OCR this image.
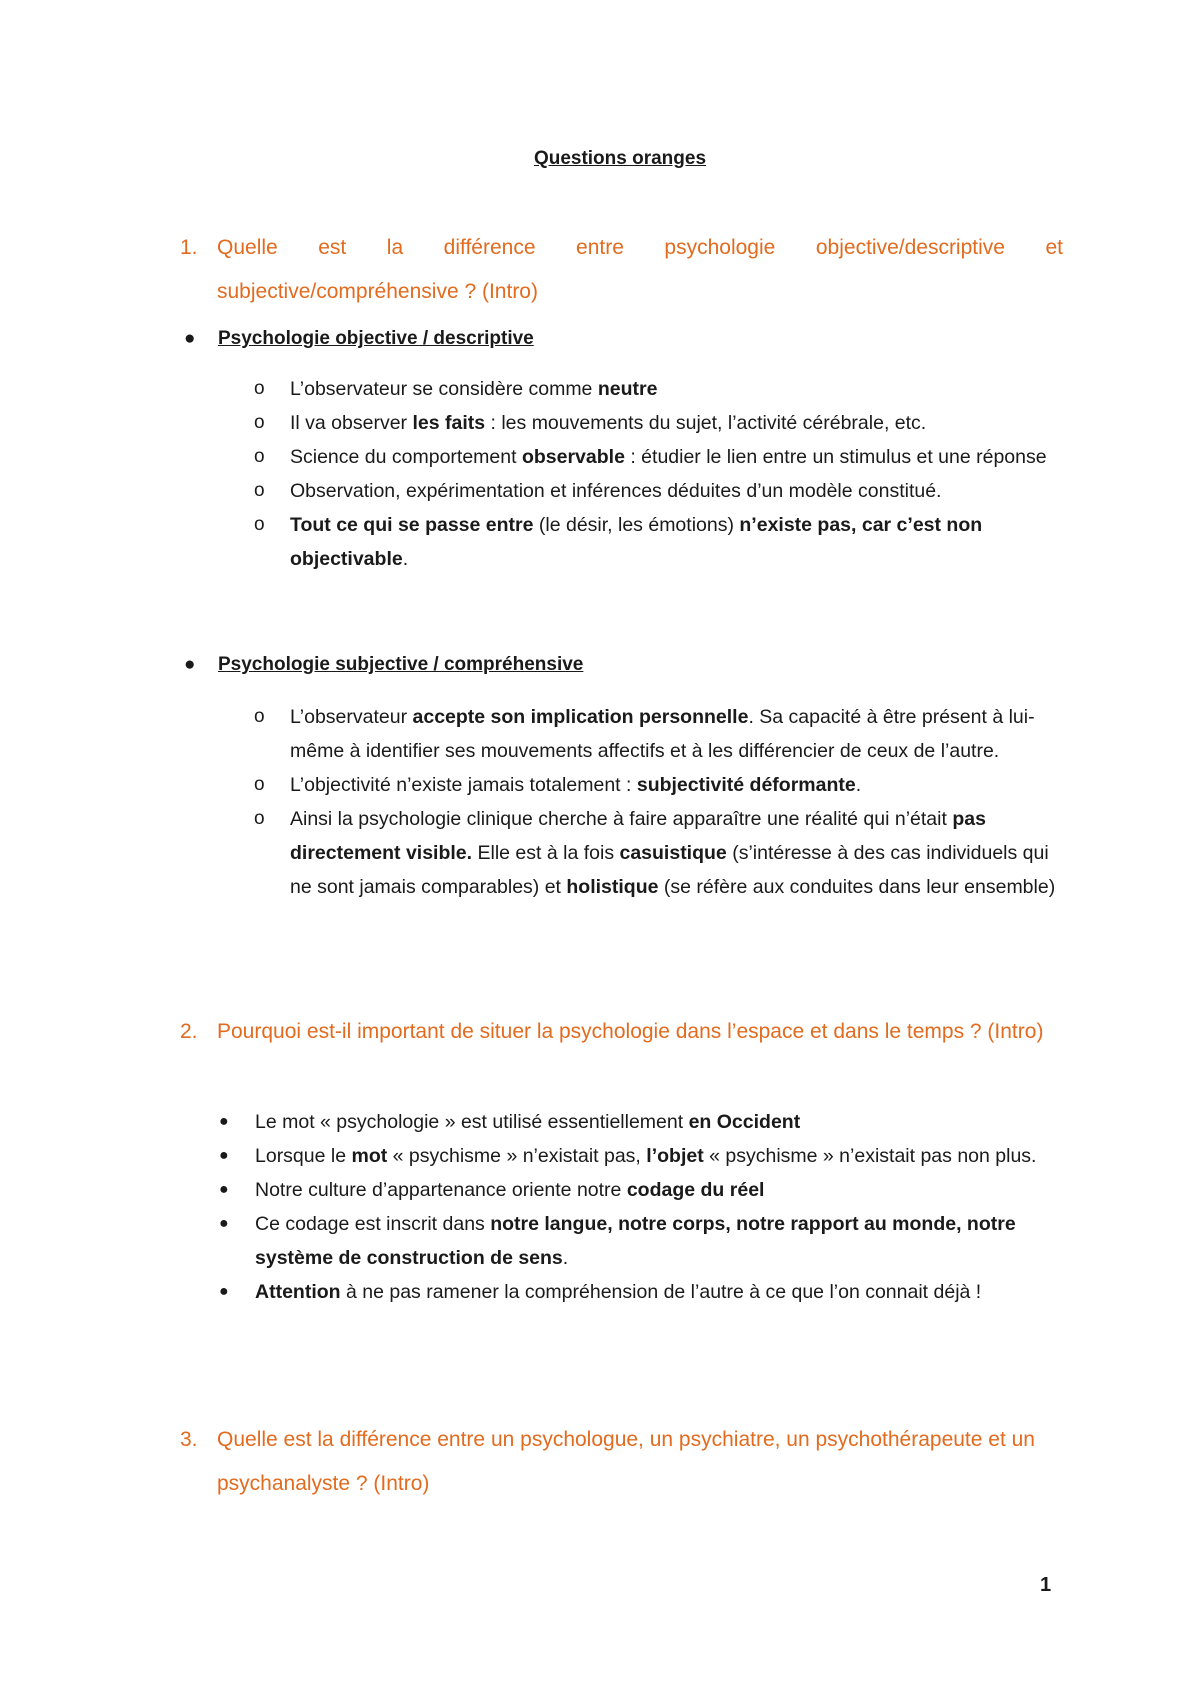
Questions oranges
1. Quelle est la différence entre psychologie objective/descriptive et
subjective/compréhensive ? (Intro)
● Psychologie objective / descriptive
o L’observateur se considère comme neutre
o Il va observer les faits : les mouvements du sujet, l’activité cérébrale, etc.
o Science du comportement observable : étudier le lien entre un stimulus et une réponse
o Observation, expérimentation et inférences déduites d’un modèle constitué.
o Tout ce qui se passe entre (le désir, les émotions) n’existe pas, car c’est non objectivable.
● Psychologie subjective / compréhensive
o L’observateur accepte son implication personnelle. Sa capacité à être présent à lui-même à identifier ses mouvements affectifs et à les différencier de ceux de l’autre.
o L’objectivité n’existe jamais totalement : subjectivité déformante.
o Ainsi la psychologie clinique cherche à faire apparaître une réalité qui n’était pas directement visible. Elle est à la fois casuistique (s’intéresse à des cas individuels qui ne sont jamais comparables) et holistique (se réfère aux conduites dans leur ensemble)
2. Pourquoi est-il important de situer la psychologie dans l’espace et dans le temps ? (Intro)
● Le mot « psychologie » est utilisé essentiellement en Occident
● Lorsque le mot « psychisme » n’existait pas, l’objet « psychisme » n’existait pas non plus.
● Notre culture d’appartenance oriente notre codage du réel
● Ce codage est inscrit dans notre langue, notre corps, notre rapport au monde, notre système de construction de sens.
● Attention à ne pas ramener la compréhension de l’autre à ce que l’on connait déjà !
3. Quelle est la différence entre un psychologue, un psychiatre, un psychothérapeute et un psychanalyste ? (Intro)
1
